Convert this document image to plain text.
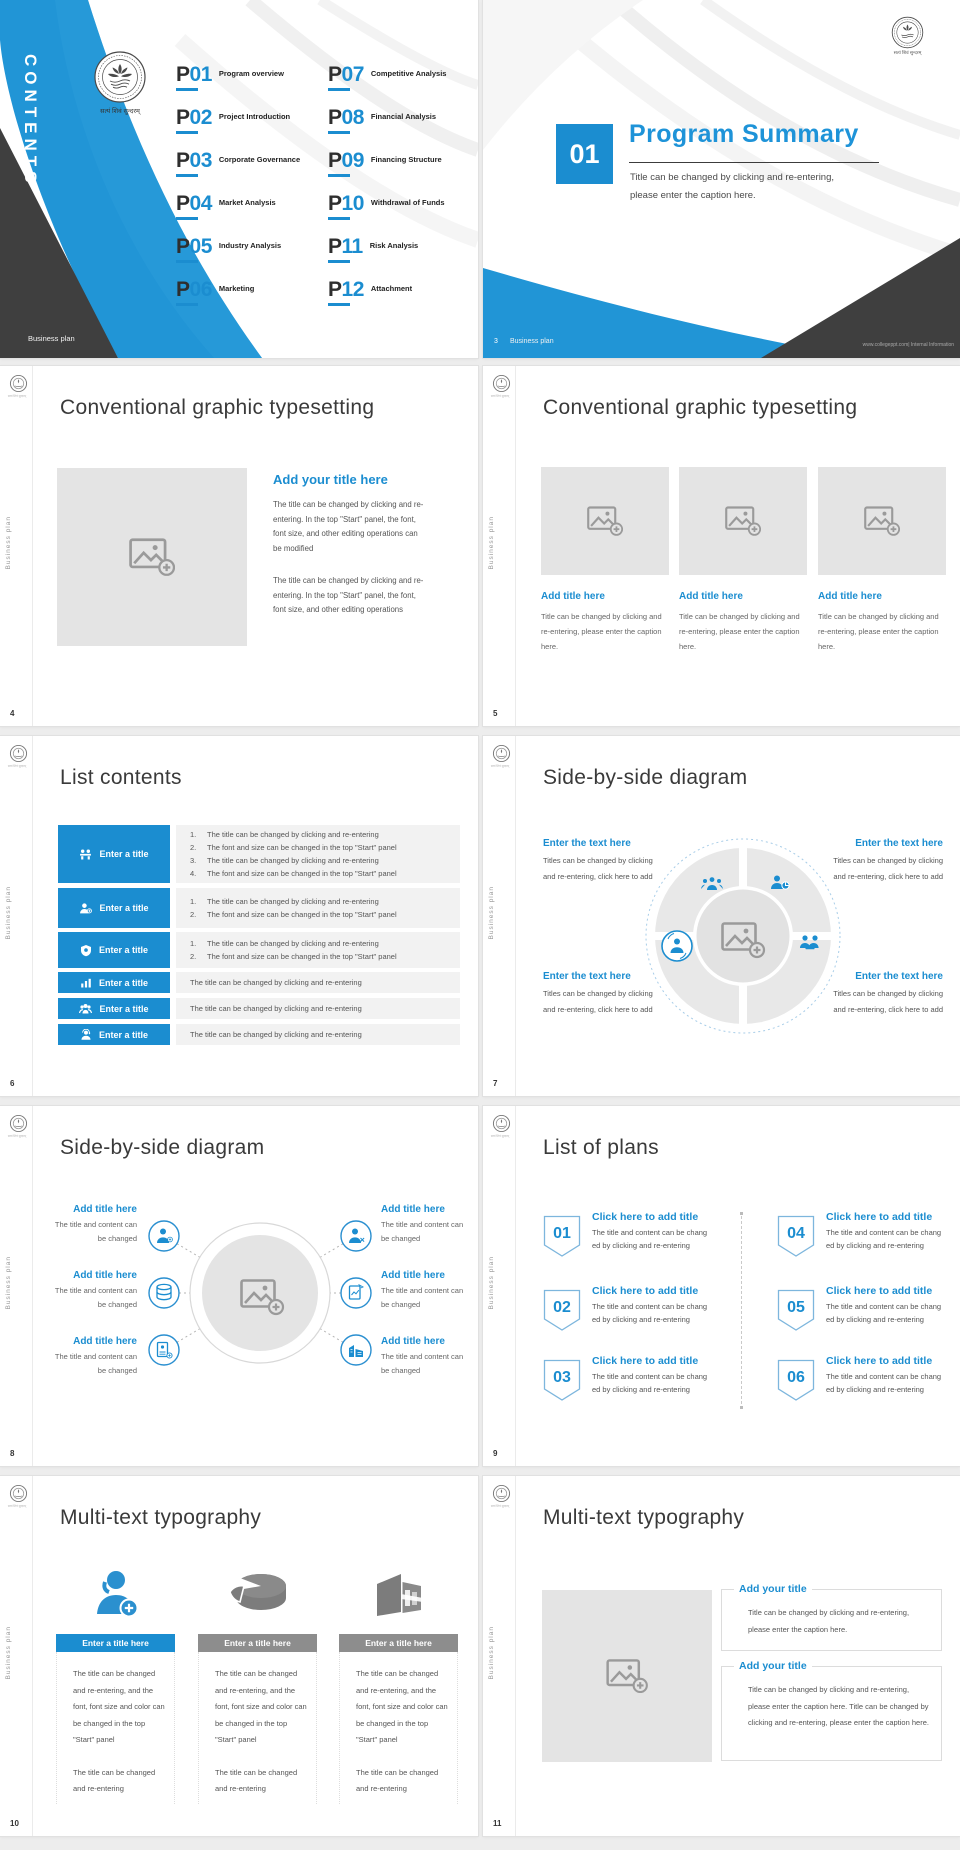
CONTENTS
Business plan
सत्यं शिवं सुन्दरम्
P01 Program overview
P02 Project Introduction
P03 Corporate Governance
P04 Market Analysis
P05 Industry Analysis
P06 Marketing
P07 Competitive Analysis
P08 Financial Analysis
P09 Financing Structure
P10 Withdrawal of Funds
P11 Risk Analysis
P12 Attachment
सत्यं शिवं सुन्दरम्
01
Program Summary
Title can be changed by clicking and re-entering,
please enter the caption here.
3 Business plan	www.collegeppt.com| Internal Information
सत्यं शिवं सुन्दरम्
Business plan
4
Conventional graphic typesetting
Add your title here
The title can be changed by clicking and re-entering. In the top "Start" panel, the font, font size, and other editing operations can be modified
The title can be changed by clicking and re-entering. In the top "Start" panel, the font, font size, and other editing operations
सत्यं शिवं सुन्दरम्
Business plan
5
Conventional graphic typesetting
Add title here
Title can be changed by clicking and re-entering, please enter the caption here.
Add title here
Title can be changed by clicking and re-entering, please enter the caption here.
Add title here
Title can be changed by clicking and re-entering, please enter the caption here.
सत्यं शिवं सुन्दरम्
Business plan
6
List contents
Enter a title
1.	The title can be changed by clicking and re-entering
2.	The font and size can be changed in the top "Start" panel
3.	The title can be changed by clicking and re-entering
4.	The font and size can be changed in the top "Start" panel
Enter a title
1.	The title can be changed by clicking and re-entering
2.	The font and size can be changed in the top "Start" panel
Enter a title
1.	The title can be changed by clicking and re-entering
2.	The font and size can be changed in the top "Start" panel
Enter a title	The title can be changed by clicking and re-entering
Enter a title	The title can be changed by clicking and re-entering
Enter a title	The title can be changed by clicking and re-entering
सत्यं शिवं सुन्दरम्
Business plan
7
Side-by-side diagram
Enter the text here
Titles can be changed by clicking and re-entering, click here to add
Enter the text here
Titles can be changed by clicking and re-entering, click here to add
Enter the text here
Titles can be changed by clicking and re-entering, click here to add
Enter the text here
Titles can be changed by clicking and re-entering, click here to add
सत्यं शिवं सुन्दरम्
Business plan
8
Side-by-side diagram
Add title here
The title and content can be changed
Add title here
The title and content can be changed
Add title here
The title and content can be changed
Add title here
The title and content can be changed
Add title here
The title and content can be changed
Add title here
The title and content can be changed
सत्यं शिवं सुन्दरम्
Business plan
9
List of plans
01
Click here to add title
The title and content can be chang
ed by clicking and re-entering
02
Click here to add title
The title and content can be chang
ed by clicking and re-entering
03
Click here to add title
The title and content can be chang
ed by clicking and re-entering
04
Click here to add title
The title and content can be chang
ed by clicking and re-entering
05
Click here to add title
The title and content can be chang
ed by clicking and re-entering
06
Click here to add title
The title and content can be chang
ed by clicking and re-entering
सत्यं शिवं सुन्दरम्
Business plan
10
Multi-text typography
Enter a title here	Enter a title here	Enter a title here
The title can be changed and re-entering, and the font, font size and color can be changed in the top "Start" panel
The title can be changed and re-entering
The title can be changed and re-entering, and the font, font size and color can be changed in the top "Start" panel
The title can be changed and re-entering
The title can be changed and re-entering, and the font, font size and color can be changed in the top "Start" panel
The title can be changed and re-entering
सत्यं शिवं सुन्दरम्
Business plan
11
Multi-text typography
Add your title
Title can be changed by clicking and re-entering, please enter the caption here.
Add your title
Title can be changed by clicking and re-entering, please enter the caption here. Title can be changed by clicking and re-entering, please enter the caption here.
